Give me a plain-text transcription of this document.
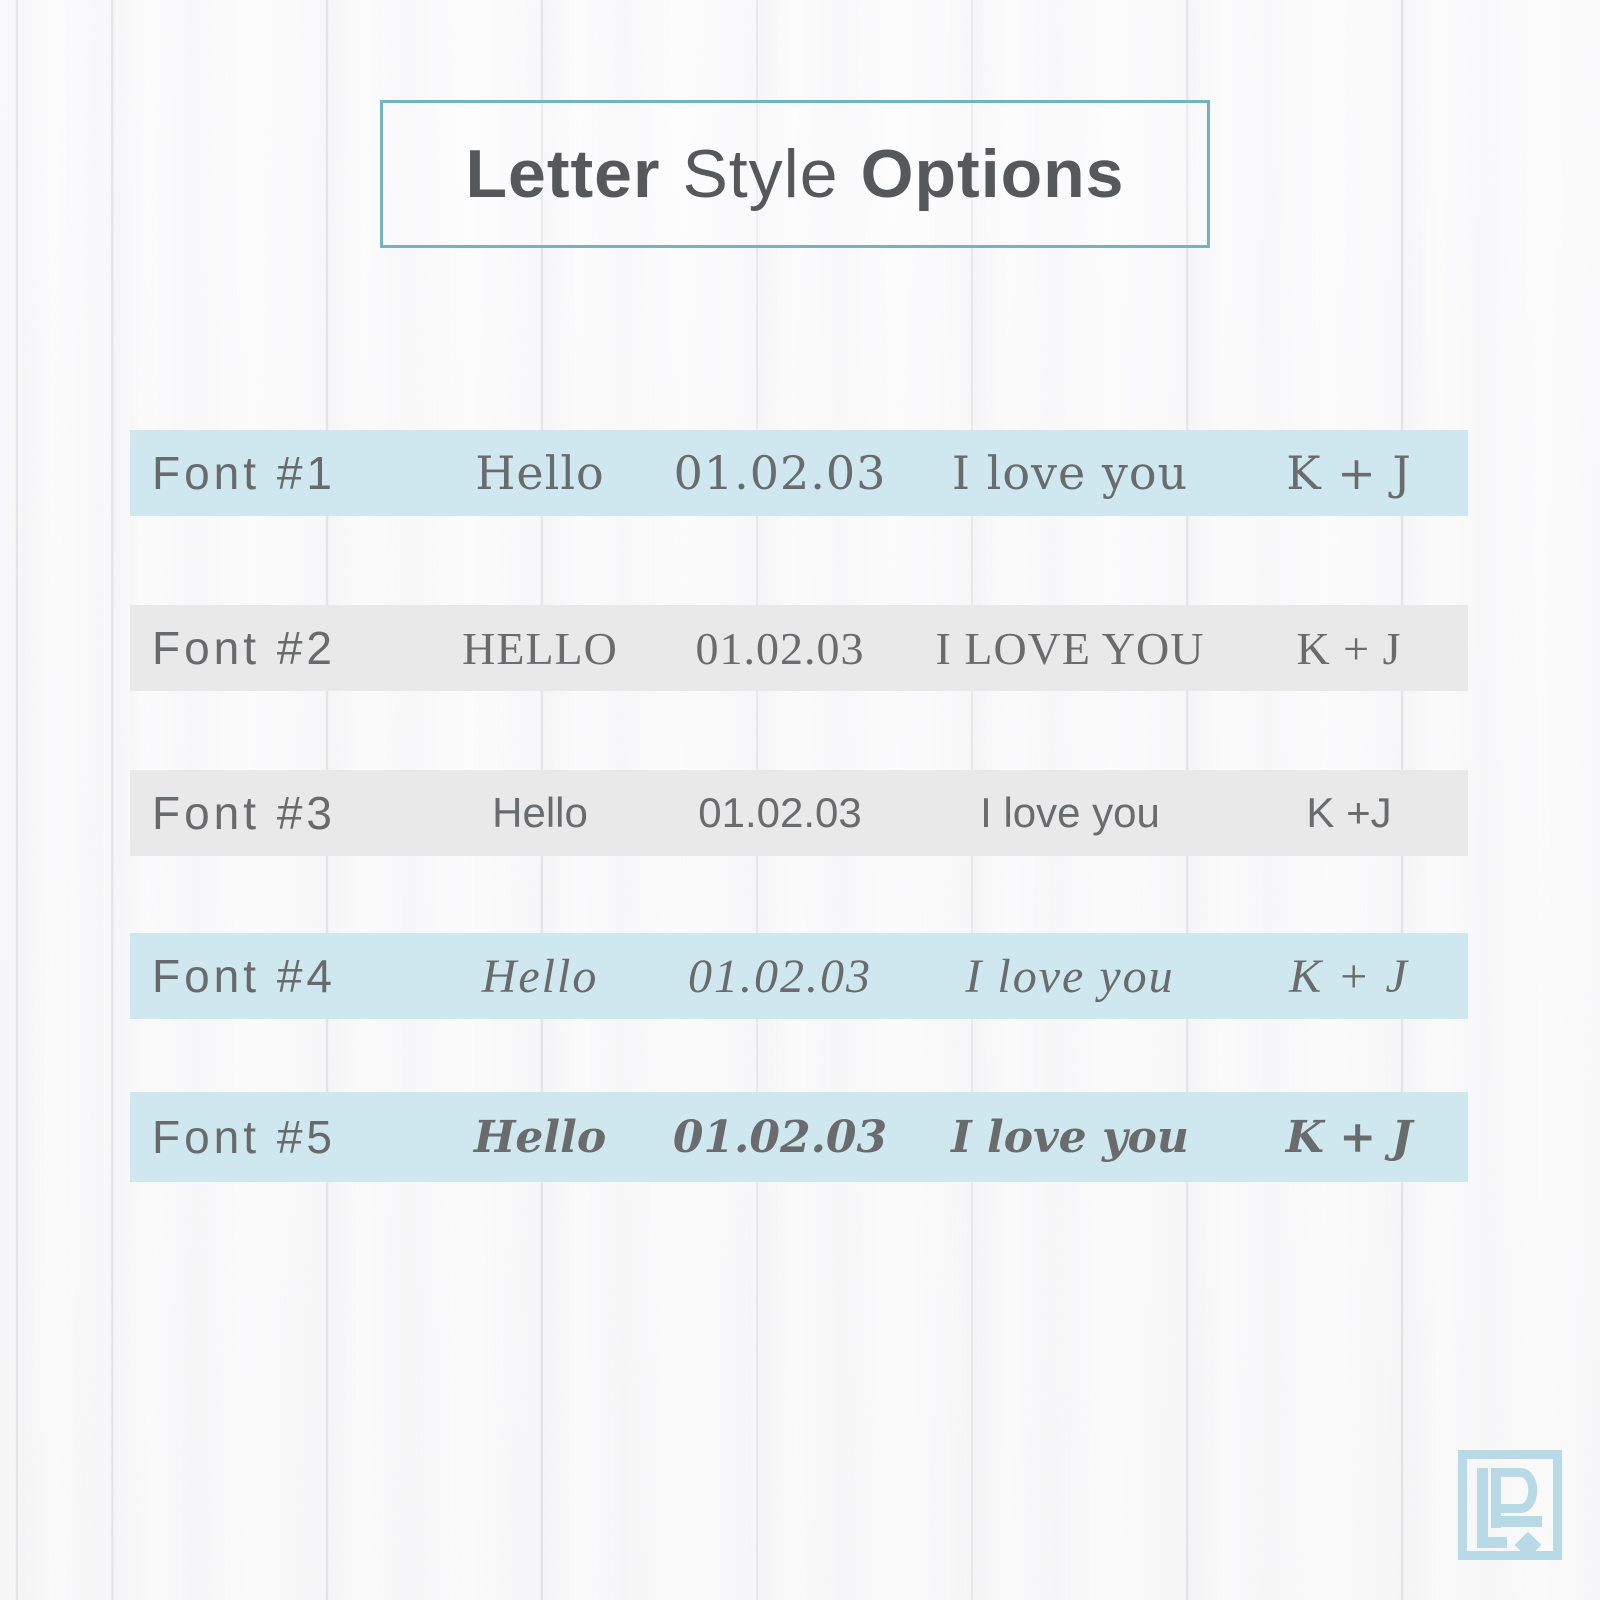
Letter Style Options
Font #1	Hello	01.02.03	I love you	K + J
Font #2	HELLO	01.02.03	I LOVE YOU	K + J
Font #3	Hello	01.02.03	I love you	K +J
Font #4	Hello	01.02.03	I love you	K + J
Font #5	Hello	01.02.03	I love you	K + J
